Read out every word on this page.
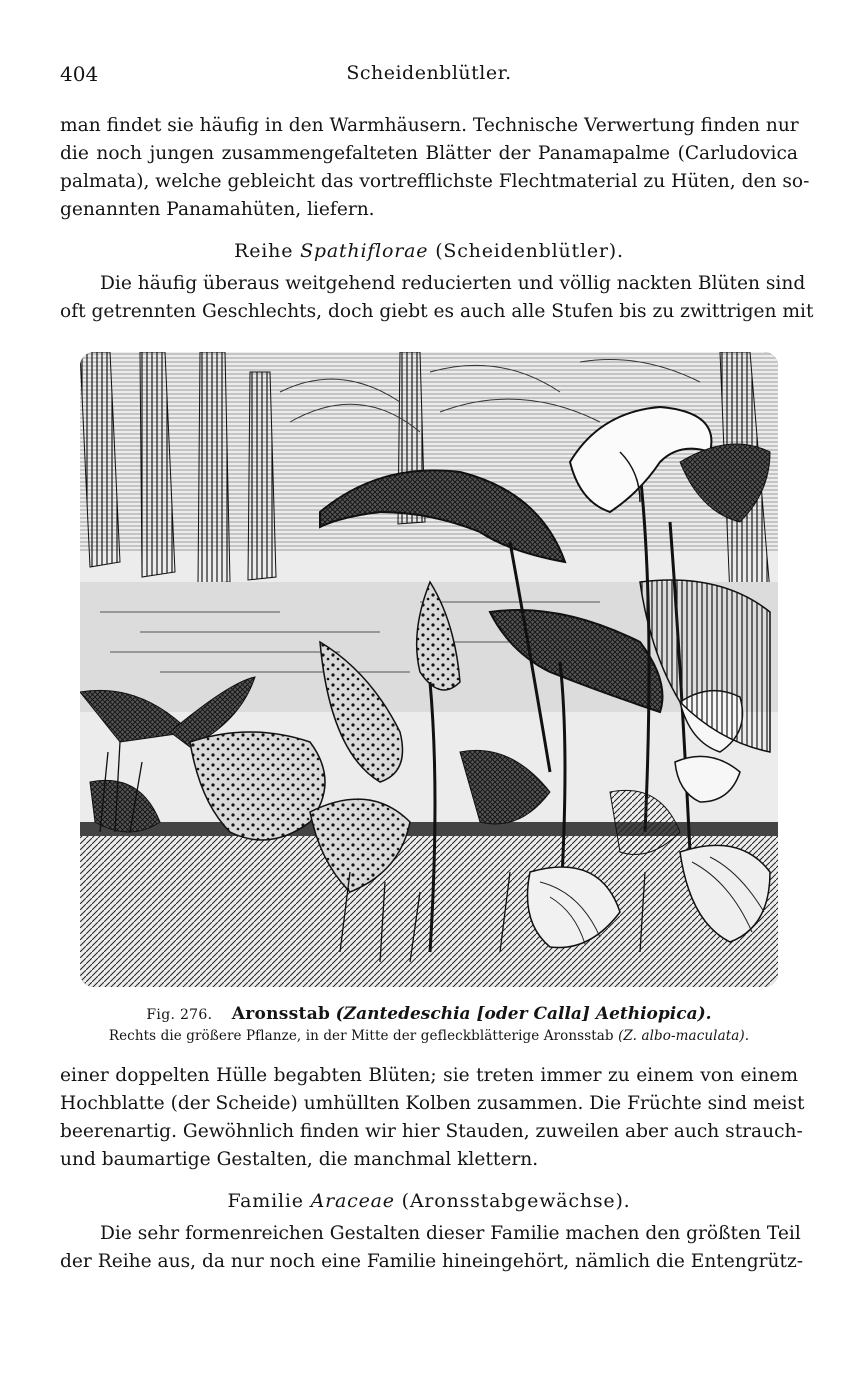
404	Scheidenblütler.
man findet sie häufig in den Warmhäusern. Technische Verwertung finden nur
die noch jungen zusammengefalteten Blätter der Panamapalme (Carludovica
palmata), welche gebleicht das vortrefflichste Flechtmaterial zu Hüten, den so-
genannten Panamahüten, liefern.
Reihe Spathiflorae (Scheidenblütler).
Die häufig überaus weitgehend reducierten und völlig nackten Blüten sind
oft getrennten Geschlechts, doch giebt es auch alle Stufen bis zu zwittrigen mit
Fig. 276. Aronsstab (Zantedeschia [oder Calla] Aethiopica).
Rechts die größere Pflanze, in der Mitte der gefleckblätterige Aronsstab (Z. albo-maculata).
einer doppelten Hülle begabten Blüten; sie treten immer zu einem von einem
Hochblatte (der Scheide) umhüllten Kolben zusammen. Die Früchte sind meist
beerenartig. Gewöhnlich finden wir hier Stauden, zuweilen aber auch strauch-
und baumartige Gestalten, die manchmal klettern.
Familie Araceae (Aronsstabgewächse).
Die sehr formenreichen Gestalten dieser Familie machen den größten Teil
der Reihe aus, da nur noch eine Familie hineingehört, nämlich die Entengrütz-
